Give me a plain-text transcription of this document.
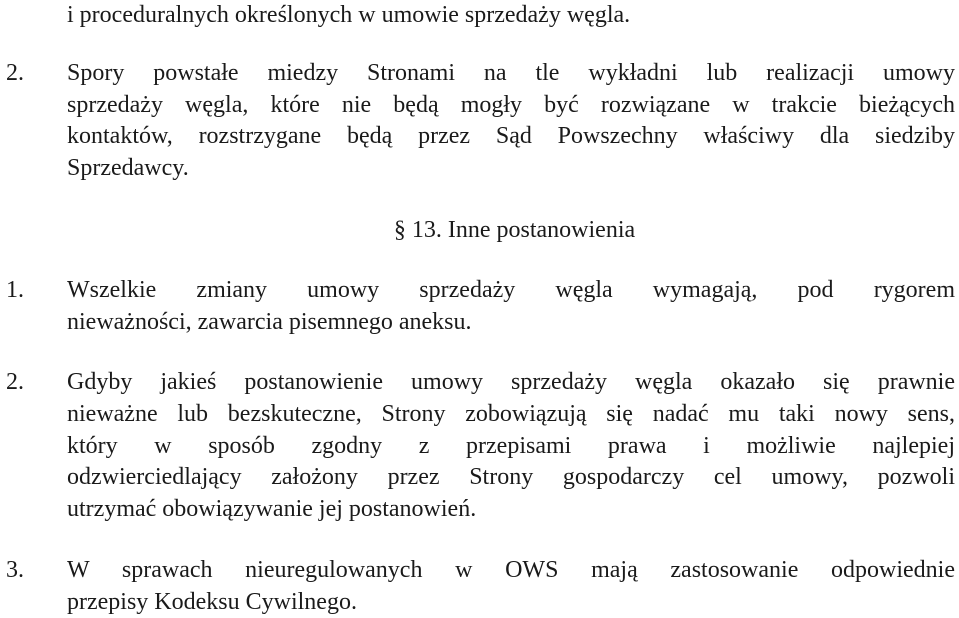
i proceduralnych określonych w umowie sprzedaży węgla.
2.	Spory powstałe miedzy Stronami na tle wykładni lub realizacji umowy
sprzedaży węgla, które nie będą mogły być rozwiązane w trakcie bieżących
kontaktów, rozstrzygane będą przez Sąd Powszechny właściwy dla siedziby
Sprzedawcy.
§ 13. Inne postanowienia
1.	Wszelkie zmiany umowy sprzedaży węgla wymagają, pod rygorem
nieważności, zawarcia pisemnego aneksu.
2.	Gdyby jakieś postanowienie umowy sprzedaży węgla okazało się prawnie
nieważne lub bezskuteczne, Strony zobowiązują się nadać mu taki nowy sens,
który w sposób zgodny z przepisami prawa i możliwie najlepiej
odzwierciedlający założony przez Strony gospodarczy cel umowy, pozwoli
utrzymać obowiązywanie jej postanowień.
3.	W sprawach nieuregulowanych w OWS mają zastosowanie odpowiednie
przepisy Kodeksu Cywilnego.
